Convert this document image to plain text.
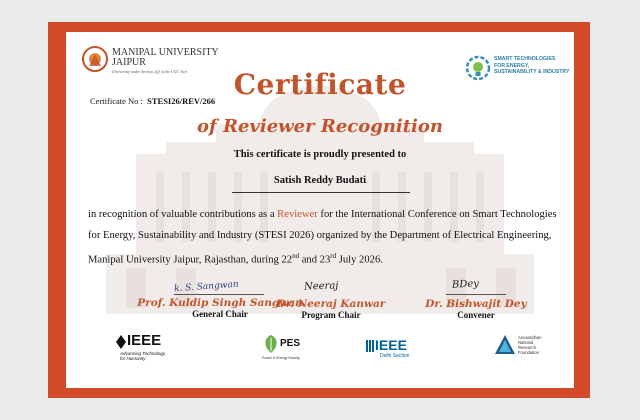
MANIPAL UNIVERSITY
JAIPUR
(University under Section 2(f) of the UGC Act)
SMART TECHNOLOGIES
FOR ENERGY,
SUSTAINABILITY & INDUSTRY
Certificate No : STESI26/REV/266 Certificate
of Reviewer Recognition
This certificate is proudly presented to
Satish Reddy Budati
in recognition of valuable contributions as a Reviewer for the International Conference on Smart Technologies for Energy, Sustainability and Industry (STESI 2026) organized by the Department of Electrical Engineering, Manipal University Jaipur, Rajasthan, during 22nd and 23rd July 2026.
k. S. Sangwan	Neeraj	BDey
Prof. Kuldip Singh Sangwan
General Chair
Dr. Neeraj Kanwar
Program Chair
Dr. Bishwajit Dey
Convener
IEEE
Advancing Technology
for Humanity
PES
Power & Energy Society
IEEE
Delhi Section
Anusandhan
National
Research
Foundation
